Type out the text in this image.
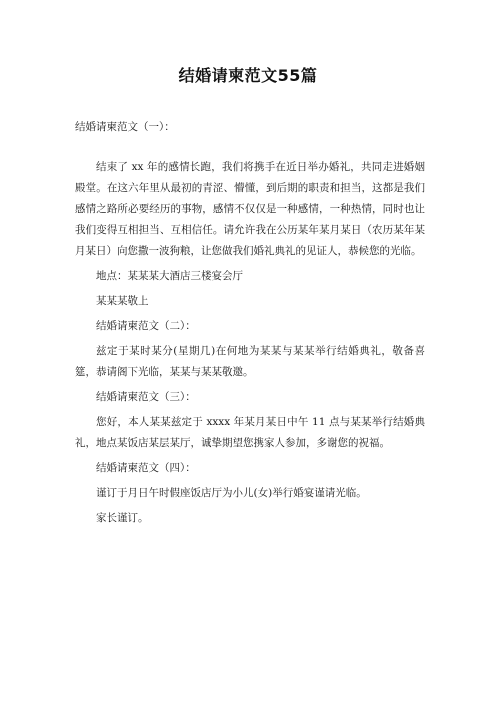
结婚请柬范文55篇

结婚请柬范文（一）：

结束了 xx 年的感情长跑，我们将携手在近日举办婚礼，共同走进婚姻殿堂。在这六年里从最初的青涩、懵懂，到后期的职责和担当，这都是我们感情之路所必要经历的事物，感情不仅仅是一种感情，一种热情，同时也让我们变得互相担当、互相信任。请允许我在公历某年某月某日（农历某年某月某日）向您撒一波狗粮，让您做我们婚礼典礼的见证人，恭候您的光临。

地点：某某某大酒店三楼宴会厅

某某某敬上

结婚请柬范文（二）：

兹定于某时某分(星期几)在何地为某某与某某举行结婚典礼，敬备喜筵，恭请阁下光临，某某与某某敬邀。

结婚请柬范文（三）：

您好，本人某某兹定于 xxxx 年某月某日中午 11 点与某某举行结婚典礼，地点某饭店某层某厅，诚挚期望您携家人参加，多谢您的祝福。

结婚请柬范文（四）：

谨订于月日午时假座饭店厅为小儿(女)举行婚宴谨请光临。

家长谨订。
